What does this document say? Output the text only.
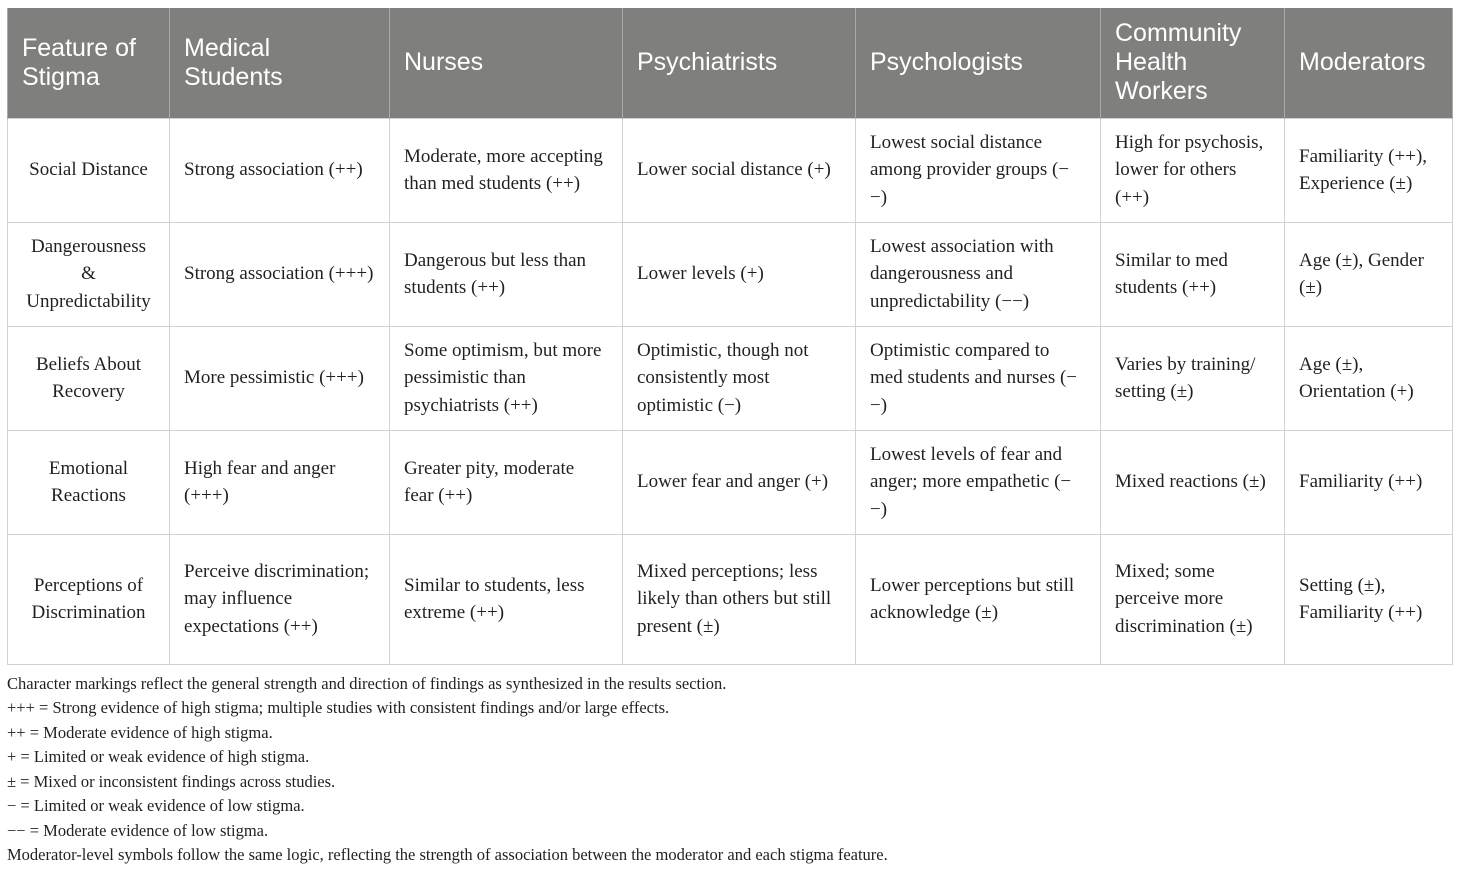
Feature of Stigma	Medical Students	Nurses	Psychiatrists	Psychologists	Community Health Workers	Moderators
Social Distance	Strong association (++)	Moderate, more accepting than med students (++)	Lower social distance (+)	Lowest social distance among provider groups (−−)	High for psychosis, lower for others (++)	Familiarity (++), Experience (±)
Dangerousness & Unpredictability	Strong association (+++)	Dangerous but less than students (++)	Lower levels (+)	Lowest association with dangerousness and unpredictability (−−)	Similar to med students (++)	Age (±), Gender (±)
Beliefs About Recovery	More pessimistic (+++)	Some optimism, but more pessimistic than psychiatrists (++)	Optimistic, though not consistently most optimistic (−)	Optimistic compared to med students and nurses (−−)	Varies by training/ setting (±)	Age (±), Orientation (+)
Emotional Reactions	High fear and anger (+++)	Greater pity, moderate fear (++)	Lower fear and anger (+)	Lowest levels of fear and anger; more empathetic (−−)	Mixed reactions (±)	Familiarity (++)
Perceptions of Discrimination	Perceive discrimination; may influence expectations (++)	Similar to students, less extreme (++)	Mixed perceptions; less likely than others but still present (±)	Lower perceptions but still acknowledge (±)	Mixed; some perceive more discrimination (±)	Setting (±), Familiarity (++)
Character markings reflect the general strength and direction of findings as synthesized in the results section.
+++ = Strong evidence of high stigma; multiple studies with consistent findings and/or large effects.
++ = Moderate evidence of high stigma.
+ = Limited or weak evidence of high stigma.
± = Mixed or inconsistent findings across studies.
− = Limited or weak evidence of low stigma.
−− = Moderate evidence of low stigma.
Moderator-level symbols follow the same logic, reflecting the strength of association between the moderator and each stigma feature.
